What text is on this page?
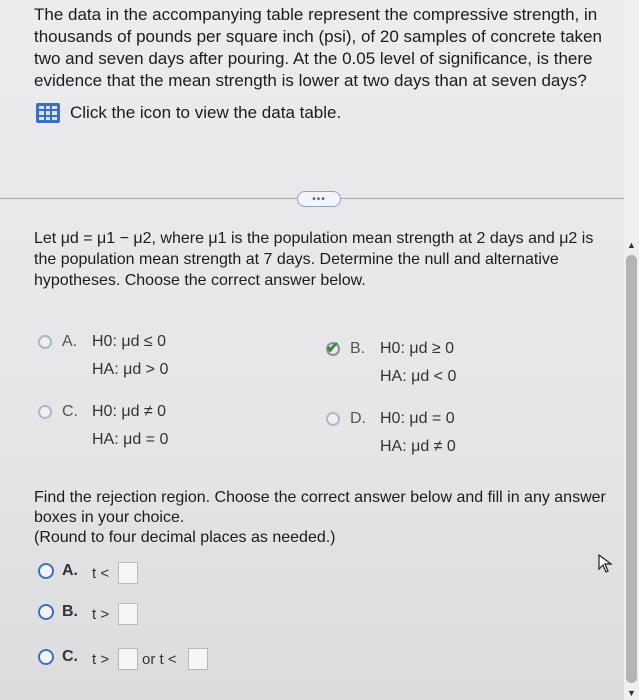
The data in the accompanying table represent the compressive strength, in thousands of pounds per square inch (psi), of 20 samples of concrete taken two and seven days after pouring. At the 0.05 level of significance, is there evidence that the mean strength is lower at two days than at seven days?
Click the icon to view the data table.
•••
Let μd = μ1 − μ2, where μ1 is the population mean strength at 2 days and μ2 is the population mean strength at 7 days. Determine the null and alternative hypotheses. Choose the correct answer below.
A. H0: μd ≤ 0
HA: μd > 0
✔ B. H0: μd ≥ 0
HA: μd < 0
C. H0: μd ≠ 0
HA: μd = 0
D. H0: μd = 0
HA: μd ≠ 0
Find the rejection region. Choose the correct answer below and fill in any answer boxes in your choice.
(Round to four decimal places as needed.)
A. t <
B. t >
C. t > or t <
▲
▼
